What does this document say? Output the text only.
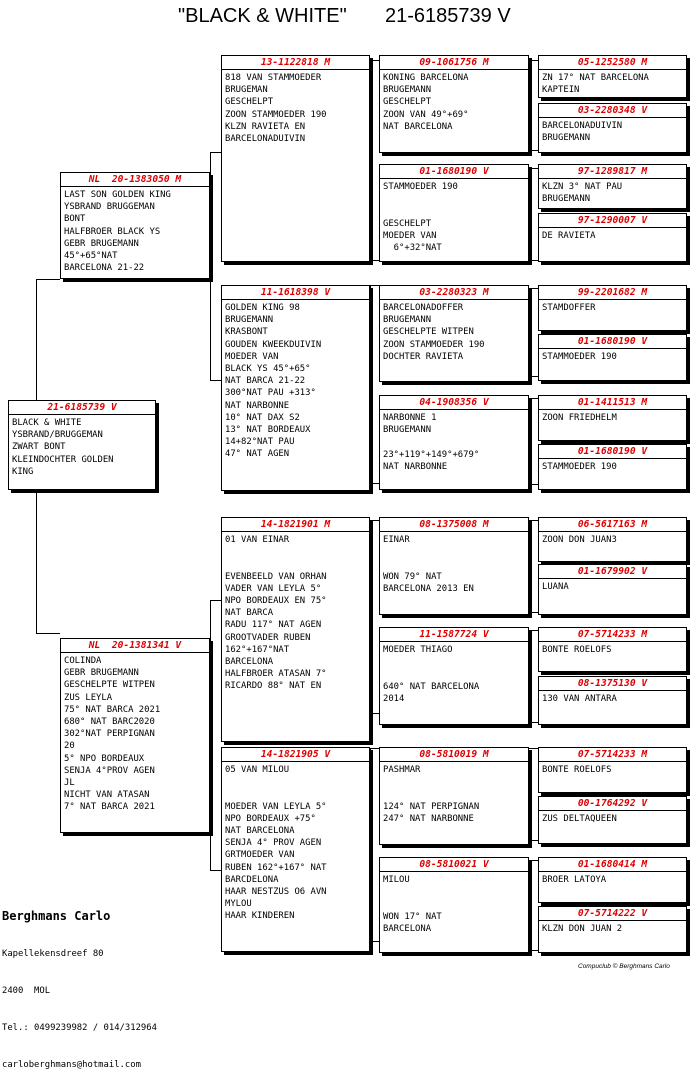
"BLACK & WHITE"

21-6185739 V

21-6185739 V
BLACK & WHITE
YSBRAND/BRUGGEMAN
ZWART BONT
KLEINDOCHTER GOLDEN
KING
NL  20-1383050 M
LAST SON GOLDEN KING
YSBRAND BRUGGEMAN
BONT
HALFBROER BLACK YS
GEBR BRUGEMANN
45°+65°NAT
BARCELONA 21-22
NL  20-1381341 V
COLINDA
GEBR BRUGEMANN
GESCHELPTE WITPEN
ZUS LEYLA
75° NAT BARCA 2021
680° NAT BARC2020
302°NAT PERPIGNAN
20
5° NPO BORDEAUX
SENJA 4°PROV AGEN
JL
NICHT VAN ATASAN
7° NAT BARCA 2021
13-1122818 M
818 VAN STAMMOEDER
BRUGEMAN
GESCHELPT
ZOON STAMMOEDER 190
KLZN RAVIETA EN
BARCELONADUIVIN
11-1618398 V
GOLDEN KING 98
BRUGEMANN
KRASBONT
GOUDEN KWEEKDUIVIN
MOEDER VAN
BLACK YS 45°+65°
NAT BARCA 21-22
300°NAT PAU +313°
NAT NARBONNE
10° NAT DAX S2
13° NAT BORDEAUX
14+82°NAT PAU
47° NAT AGEN
14-1821901 M
01 VAN EINAR
EVENBEELD VAN ORHAN
VADER VAN LEYLA 5°
NPO BORDEAUX EN 75°
NAT BARCA
RADU 117° NAT AGEN
GROOTVADER RUBEN
162°+167°NAT
BARCELONA
HALFBROER ATASAN 7°
RICARDO 88° NAT EN
14-1821905 V
05 VAN MILOU
MOEDER VAN LEYLA 5°
NPO BORDEAUX +75°
NAT BARCELONA
SENJA 4° PROV AGEN
GRTMOEDER VAN
RUBEN 162°+167° NAT
BARCDELONA
HAAR NESTZUS O6 AVN
MYLOU
HAAR KINDEREN
09-1061756 M
KONING BARCELONA
BRUGEMANN
GESCHELPT
ZOON VAN 49°+69°
NAT BARCELONA
01-1680190 V
STAMMOEDER 190
GESCHELPT
MOEDER VAN
6°+32°NAT
03-2280323 M
BARCELONADOFFER
BRUGEMANN
GESCHELPTE WITPEN
ZOON STAMMOEDER 190
DOCHTER RAVIETA
04-1908356 V
NARBONNE 1
BRUGEMANN
23°+119°+149°+679°
NAT NARBONNE
08-1375008 M
EINAR
WON 79° NAT
BARCELONA 2013 EN
11-1587724 V
MOEDER THIAGO
640° NAT BARCELONA
2014
08-5810019 M
PASHMAR
124° NAT PERPIGNAN
247° NAT NARBONNE
08-5810021 V
MILOU
WON 17° NAT
BARCELONA
05-1252580 M
ZN 17° NAT BARCELONA
KAPTEIN
03-2280348 V
BARCELONADUIVIN
BRUGEMANN
97-1289817 M
KLZN 3° NAT PAU
BRUGEMANN
97-1290007 V
DE RAVIETA
99-2201682 M
STAMDOFFER
01-1680190 V
STAMMOEDER 190
01-1411513 M
ZOON FRIEDHELM
01-1680190 V
STAMMOEDER 190
06-5617163 M
ZOON DON JUAN3
01-1679902 V
LUANA
07-5714233 M
BONTE ROELOFS
08-1375130 V
130 VAN ANTARA
07-5714233 M
BONTE ROELOFS
00-1764292 V
ZUS DELTAQUEEN
01-1680414 M
BROER LATOYA
07-5714222 V
KLZN DON JUAN 2

Berghmans Carlo

Kapellekensdreef 80

2400  MOL

Tel.: 0499239982 / 014/312964

carloberghmans@hotmail.com

Compuclub © Berghmans Carlo
